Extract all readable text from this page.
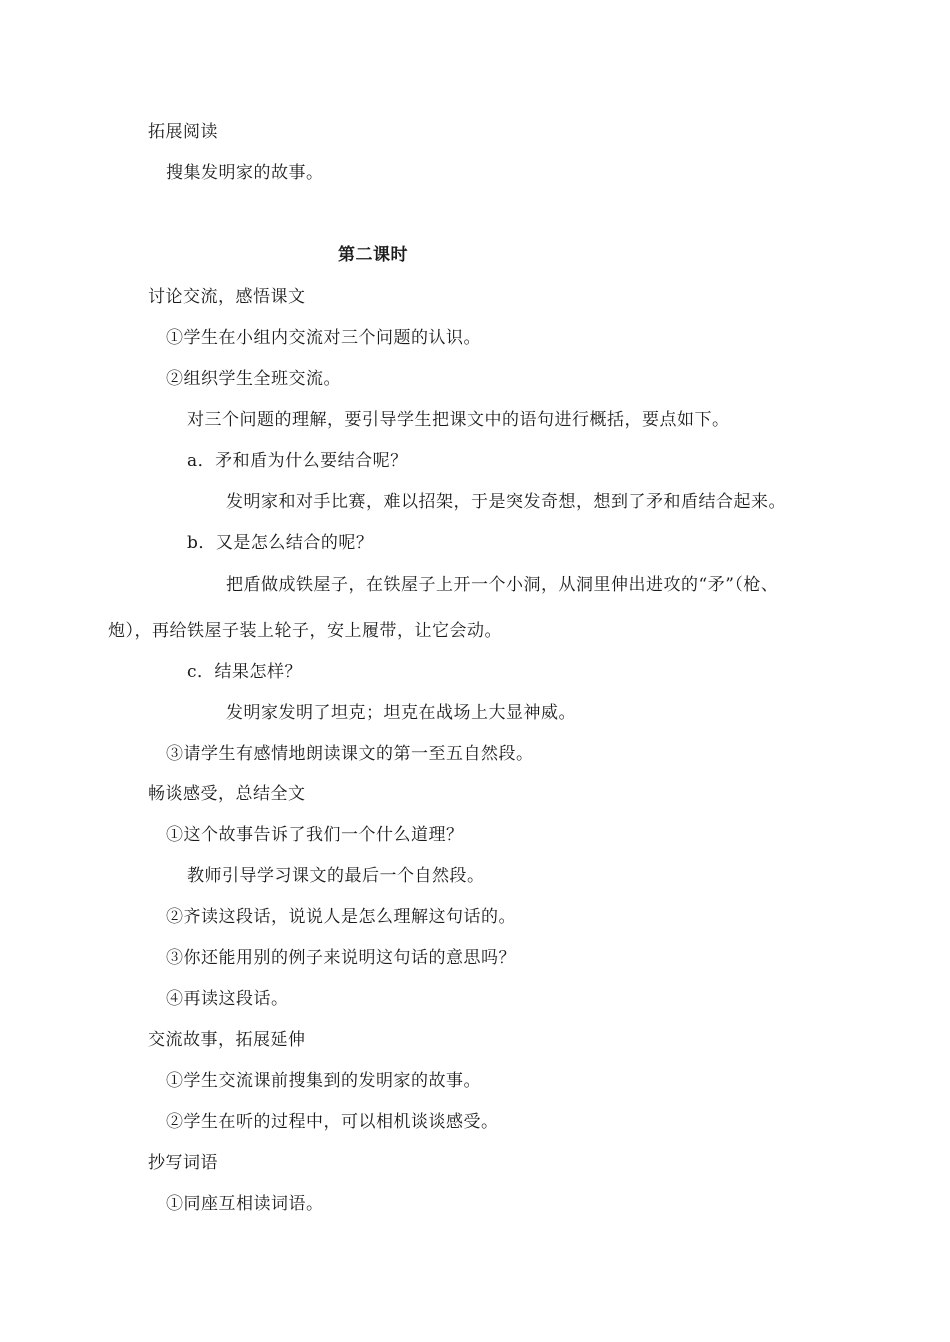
拓展阅读
搜集发明家的故事。
第二课时
讨论交流，感悟课文
①学生在小组内交流对三个问题的认识。
②组织学生全班交流。
对三个问题的理解，要引导学生把课文中的语句进行概括，要点如下。
a．矛和盾为什么要结合呢？
发明家和对手比赛，难以招架，于是突发奇想，想到了矛和盾结合起来。
b．又是怎么结合的呢？
把盾做成铁屋子，在铁屋子上开一个小洞，从洞里伸出进攻的“矛”（枪、
炮），再给铁屋子装上轮子，安上履带，让它会动。
c．结果怎样？
发明家发明了坦克；坦克在战场上大显神威。
③请学生有感情地朗读课文的第一至五自然段。
畅谈感受，总结全文
①这个故事告诉了我们一个什么道理？
教师引导学习课文的最后一个自然段。
②齐读这段话，说说人是怎么理解这句话的。
③你还能用别的例子来说明这句话的意思吗？
④再读这段话。
交流故事，拓展延伸
①学生交流课前搜集到的发明家的故事。
②学生在听的过程中，可以相机谈谈感受。
抄写词语
①同座互相读词语。
